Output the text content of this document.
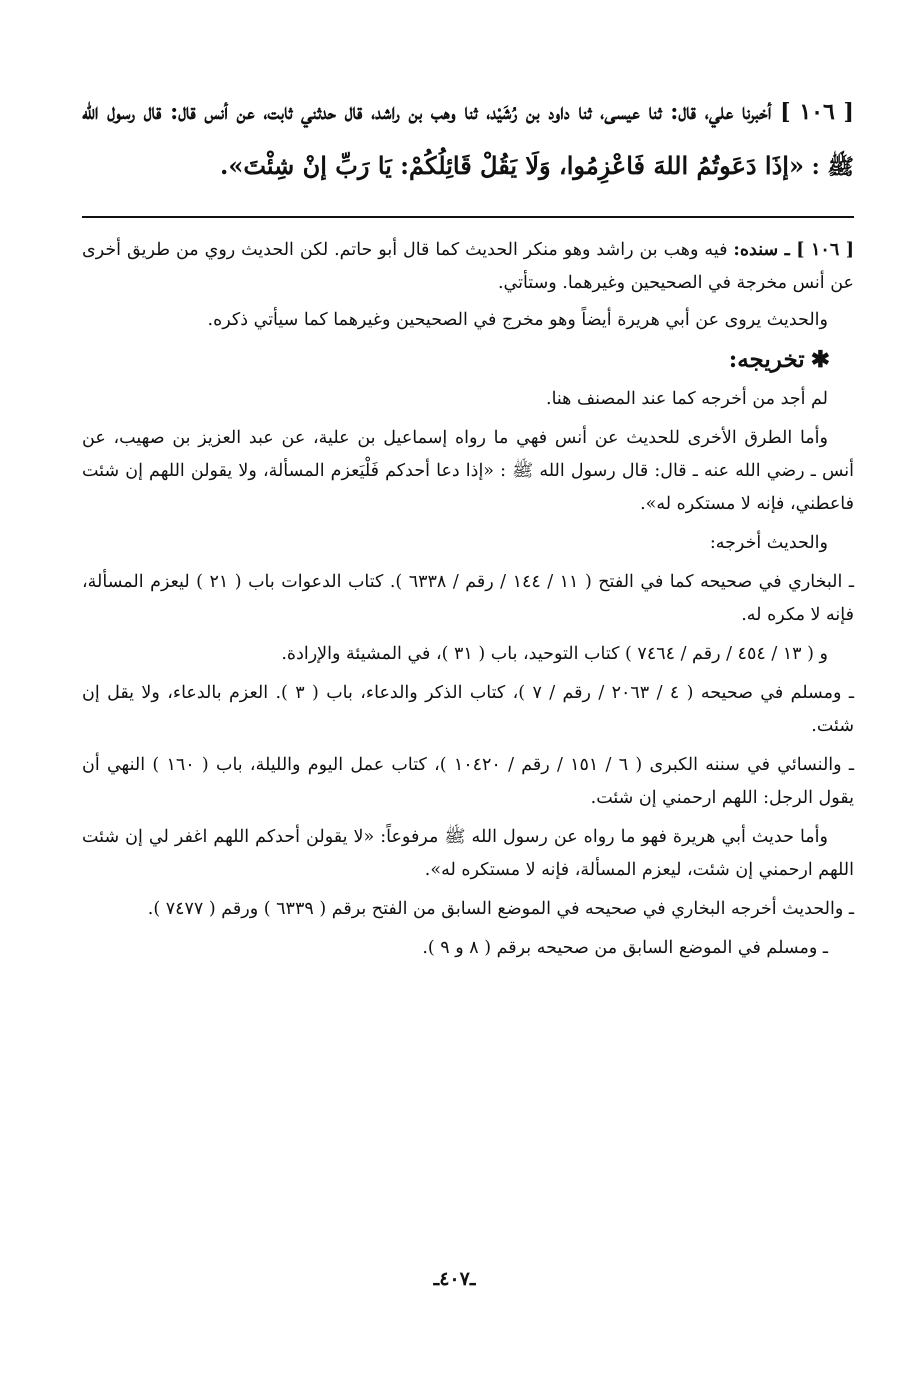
[ ١٠٦ ] أخبرنا علي، قال: ثنا عيسى، ثنا داود بن رُشَيْد، ثنا وهب بن راشد، قال حدثني ثابت، عن أنس قال: قال رسول الله ﷺ : «إذَا دَعَوتُمُ اللهَ فَاعْزِمُوا، وَلَا يَقُلْ قَائِلُكُمْ: يَا رَبِّ إنْ شِئْتَ».

[ ١٠٦ ] ـ سنده: فيه وهب بن راشد وهو منكر الحديث كما قال أبو حاتم. لكن الحديث روي من طريق أخرى عن أنس مخرجة في الصحيحين وغيرهما. وستأتي.

والحديث يروى عن أبي هريرة أيضاً وهو مخرج في الصحيحين وغيرهما كما سيأتي ذكره.

✱تخريجه:

لم أجد من أخرجه كما عند المصنف هنا.

وأما الطرق الأخرى للحديث عن أنس فهي ما رواه إسماعيل بن علية، عن عبد العزيز بن صهيب، عن أنس ـ رضي الله عنه ـ قال: قال رسول الله ﷺ : «إذا دعا أحدكم فَلْيَعزم المسألة، ولا يقولن اللهم إن شئت فاعطني، فإنه لا مستكره له».

والحديث أخرجه:

ـ البخاري في صحيحه كما في الفتح ( ١١ / ١٤٤ / رقم / ٦٣٣٨ ). كتاب الدعوات باب ( ٢١ ) ليعزم المسألة، فإنه لا مكره له.

و ( ١٣ / ٤٥٤ / رقم / ٧٤٦٤ ) كتاب التوحيد، باب ( ٣١ )، في المشيئة والإرادة.

ـ ومسلم في صحيحه ( ٤ / ٢٠٦٣ / رقم / ٧ )، كتاب الذكر والدعاء، باب ( ٣ ). العزم بالدعاء، ولا يقل إن شئت.

ـ والنسائي في سننه الكبرى ( ٦ / ١٥١ / رقم / ١٠٤٢٠ )، كتاب عمل اليوم والليلة، باب ( ١٦٠ ) النهي أن يقول الرجل: اللهم ارحمني إن شئت.

وأما حديث أبي هريرة فهو ما رواه عن رسول الله ﷺ مرفوعاً: «لا يقولن أحدكم اللهم اغفر لي إن شئت اللهم ارحمني إن شئت، ليعزم المسألة، فإنه لا مستكره له».

ـ والحديث أخرجه البخاري في صحيحه في الموضع السابق من الفتح برقم ( ٦٣٣٩ ) ورقم ( ٧٤٧٧ ).

ـ ومسلم في الموضع السابق من صحيحه برقم ( ٨ و ٩ ).

ـ٤٠٧ـ
